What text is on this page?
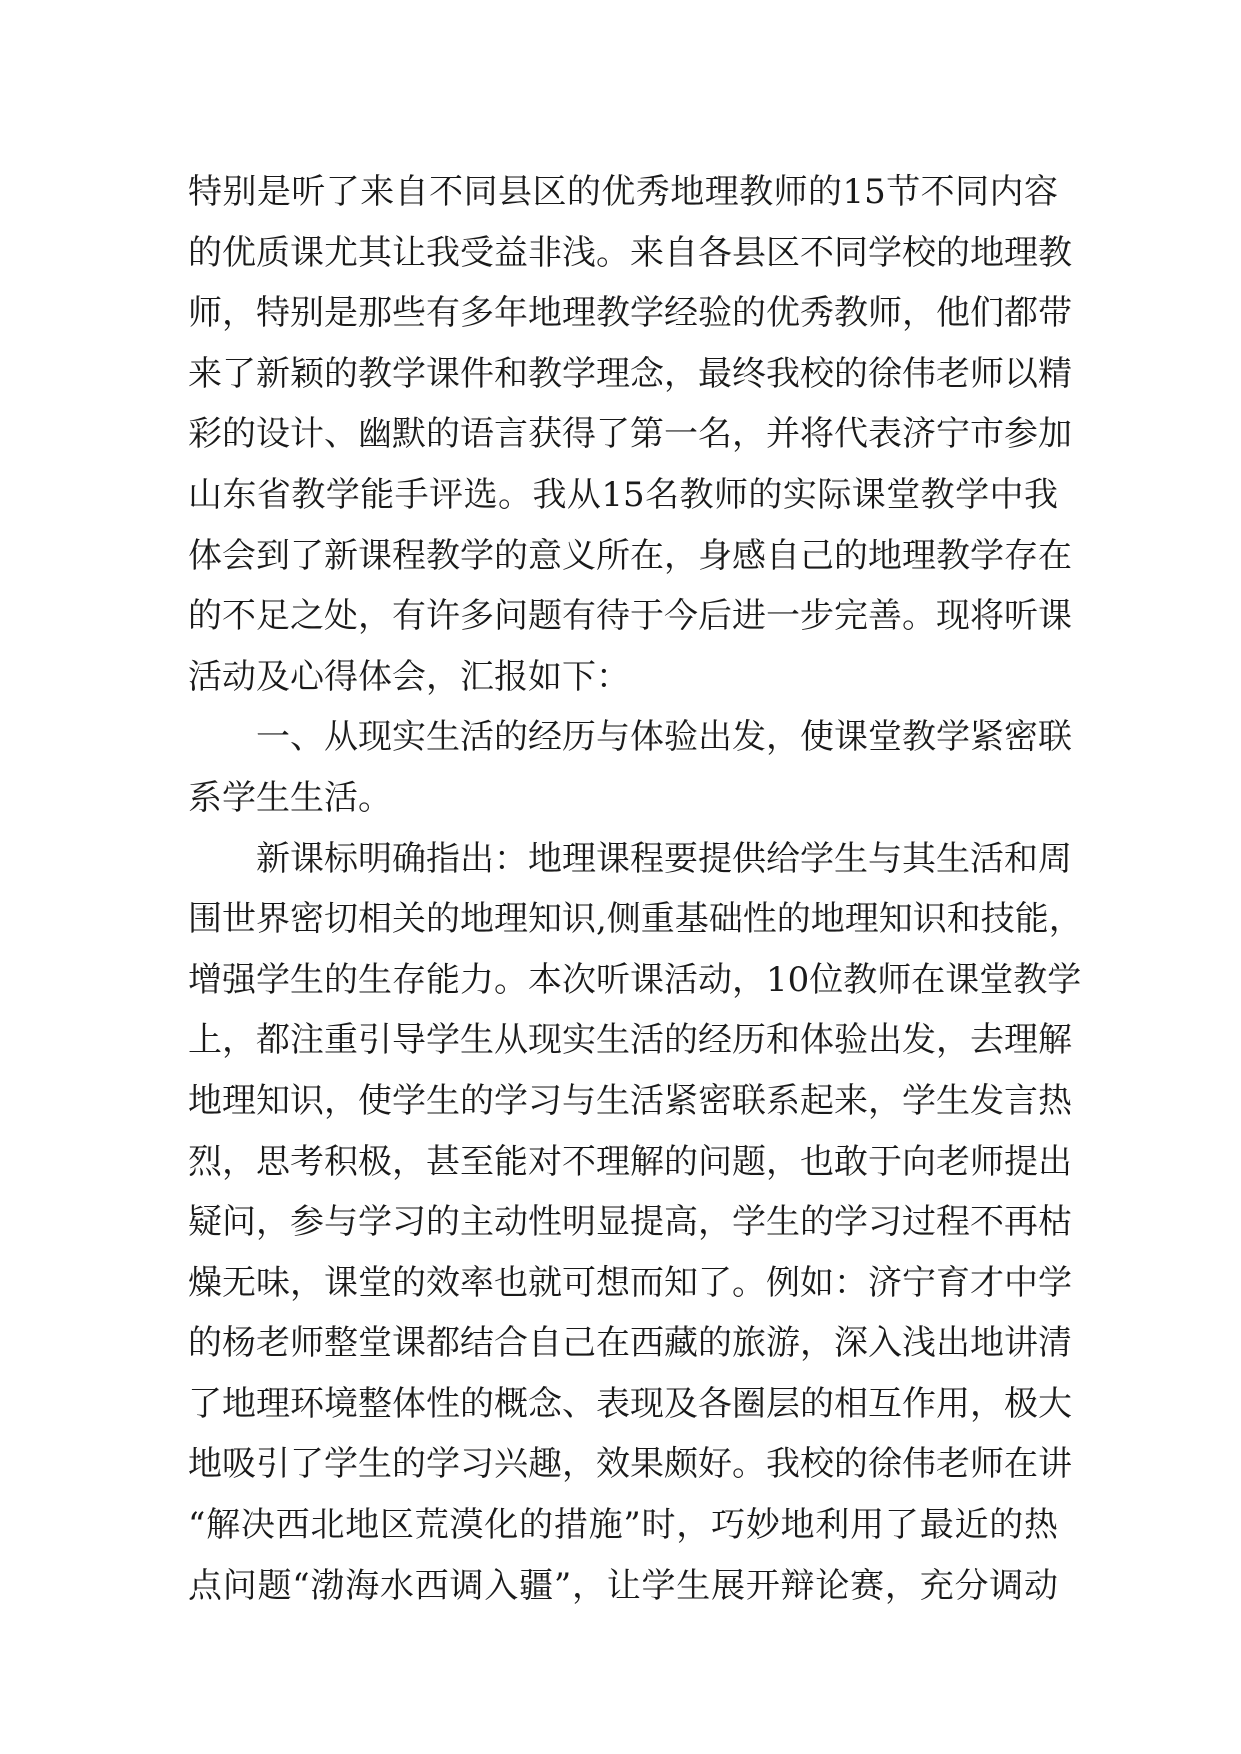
特别是听了来自不同县区的优秀地理教师的15节不同内容
的优质课尤其让我受益非浅。来自各县区不同学校的地理教
师，特别是那些有多年地理教学经验的优秀教师，他们都带
来了新颖的教学课件和教学理念，最终我校的徐伟老师以精
彩的设计、幽默的语言获得了第一名，并将代表济宁市参加
山东省教学能手评选。我从15名教师的实际课堂教学中我
体会到了新课程教学的意义所在，身感自己的地理教学存在
的不足之处，有许多问题有待于今后进一步完善。现将听课
活动及心得体会，汇报如下：
一、从现实生活的经历与体验出发，使课堂教学紧密联
系学生生活。
新课标明确指出：地理课程要提供给学生与其生活和周
围世界密切相关的地理知识,侧重基础性的地理知识和技能，
增强学生的生存能力。本次听课活动，10位教师在课堂教学
上，都注重引导学生从现实生活的经历和体验出发，去理解
地理知识，使学生的学习与生活紧密联系起来，学生发言热
烈，思考积极，甚至能对不理解的问题，也敢于向老师提出
疑问，参与学习的主动性明显提高，学生的学习过程不再枯
燥无味，课堂的效率也就可想而知了。例如：济宁育才中学
的杨老师整堂课都结合自己在西藏的旅游，深入浅出地讲清
了地理环境整体性的概念、表现及各圈层的相互作用，极大
地吸引了学生的学习兴趣，效果颇好。我校的徐伟老师在讲
“解决西北地区荒漠化的措施”时，巧妙地利用了最近的热
点问题“渤海水西调入疆”，让学生展开辩论赛，充分调动
